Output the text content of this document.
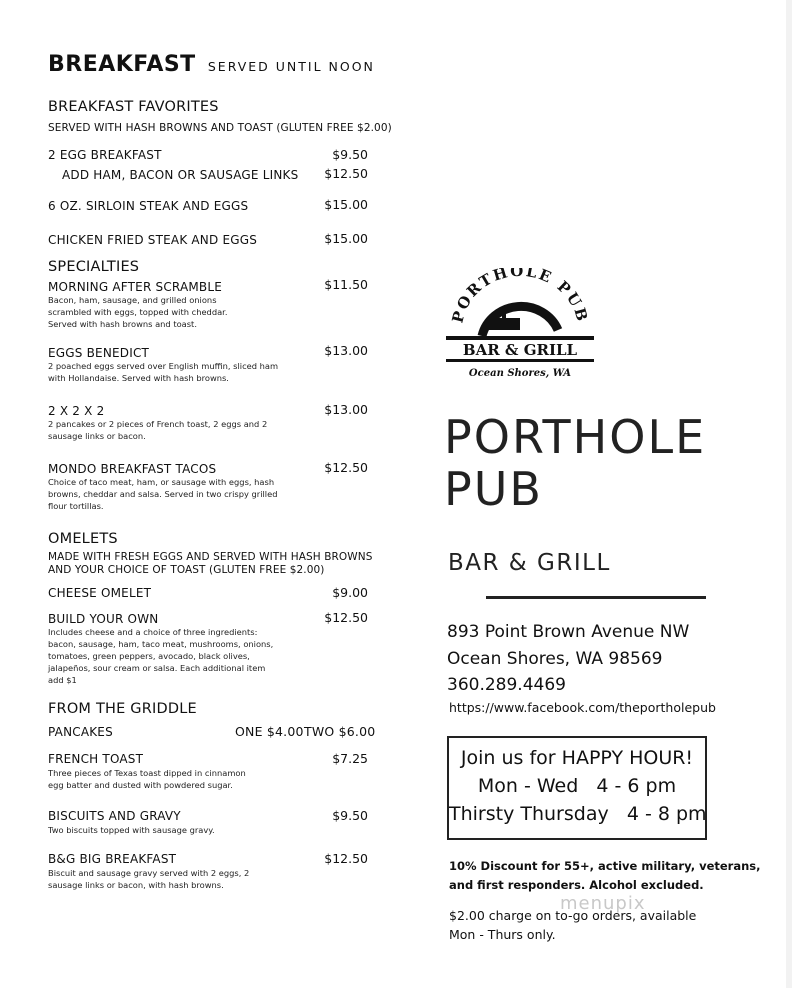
BREAKFAST SERVED UNTIL NOON
BREAKFAST FAVORITES
SERVED WITH HASH BROWNS AND TOAST (GLUTEN FREE $2.00)
2 EGG BREAKFAST	$9.50
ADD HAM, BACON OR SAUSAGE LINKS	$12.50
6 OZ. SIRLOIN STEAK AND EGGS	$15.00
CHICKEN FRIED STEAK AND EGGS	$15.00
SPECIALTIES
MORNING AFTER SCRAMBLE	$11.50
Bacon, ham, sausage, and grilled onions scrambled with eggs, topped with cheddar. Served with hash browns and toast.
EGGS BENEDICT	$13.00
2 poached eggs served over English muffin, sliced ham with Hollandaise. Served with hash browns.
2 X 2 X 2	$13.00
2 pancakes or 2 pieces of French toast, 2 eggs and 2 sausage links or bacon.
MONDO BREAKFAST TACOS	$12.50
Choice of taco meat, ham, or sausage with eggs, hash browns, cheddar and salsa. Served in two crispy grilled flour tortillas.
OMELETS
MADE WITH FRESH EGGS AND SERVED WITH HASH BROWNS
AND YOUR CHOICE OF TOAST (GLUTEN FREE $2.00)
CHEESE OMELET	$9.00
BUILD YOUR OWN	$12.50
Includes cheese and a choice of three ingredients: bacon, sausage, ham, taco meat, mushrooms, onions, tomatoes, green peppers, avocado, black olives, jalapeños, sour cream or salsa. Each additional item add $1
FROM THE GRIDDLE
PANCAKES	ONE $4.00 TWO $6.00
FRENCH TOAST	$7.25
Three pieces of Texas toast dipped in cinnamon egg batter and dusted with powdered sugar.
BISCUITS AND GRAVY	$9.50
Two biscuits topped with sausage gravy.
B&G BIG BREAKFAST	$12.50
Biscuit and sausage gravy served with 2 eggs, 2 sausage links or bacon, with hash browns.
PORTHOLE PUB
BAR & GRILL
Ocean Shores, WA
PORTHOLE
PUB
BAR & GRILL
893 Point Brown Avenue NW
Ocean Shores, WA 98569
360.289.4469
https://www.facebook.com/theportholepub
Join us for HAPPY HOUR!
Mon - Wed   4 - 6 pm
Thirsty Thursday   4 - 8 pm
10% Discount for 55+, active military, veterans, and first responders. Alcohol excluded.
$2.00 charge on to-go orders, available Mon - Thurs only.
menupix
